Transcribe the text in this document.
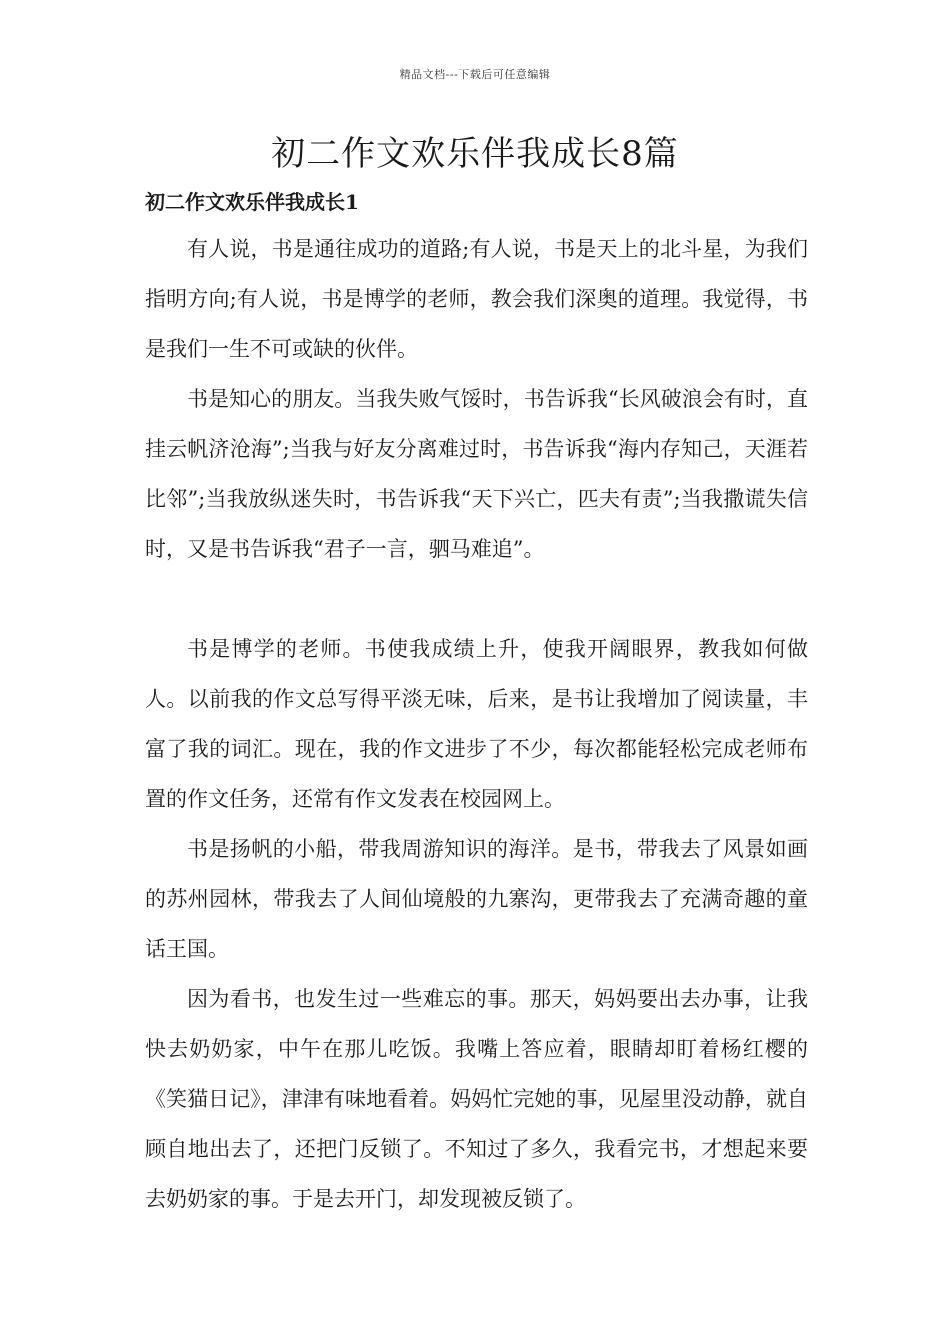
精品文档---下载后可任意编辑
初二作文欢乐伴我成长8篇
初二作文欢乐伴我成长1

有人说，书是通往成功的道路;有人说，书是天上的北斗星，为我们指明方向;有人说，书是博学的老师，教会我们深奥的道理。我觉得，书是我们一生不可或缺的伙伴。

书是知心的朋友。当我失败气馁时，书告诉我“长风破浪会有时，直挂云帆济沧海”;当我与好友分离难过时，书告诉我“海内存知己，天涯若比邻”;当我放纵迷失时，书告诉我“天下兴亡，匹夫有责”;当我撒谎失信时，又是书告诉我“君子一言，驷马难追”。

书是博学的老师。书使我成绩上升，使我开阔眼界，教我如何做人。以前我的作文总写得平淡无味，后来，是书让我增加了阅读量，丰富了我的词汇。现在，我的作文进步了不少，每次都能轻松完成老师布置的作文任务，还常有作文发表在校园网上。

书是扬帆的小船，带我周游知识的海洋。是书，带我去了风景如画的苏州园林，带我去了人间仙境般的九寨沟，更带我去了充满奇趣的童话王国。

因为看书，也发生过一些难忘的事。那天，妈妈要出去办事，让我快去奶奶家，中午在那儿吃饭。我嘴上答应着，眼睛却盯着杨红樱的《笑猫日记》，津津有味地看着。妈妈忙完她的事，见屋里没动静，就自顾自地出去了，还把门反锁了。不知过了多久，我看完书，才想起来要去奶奶家的事。于是去开门，却发现被反锁了。
